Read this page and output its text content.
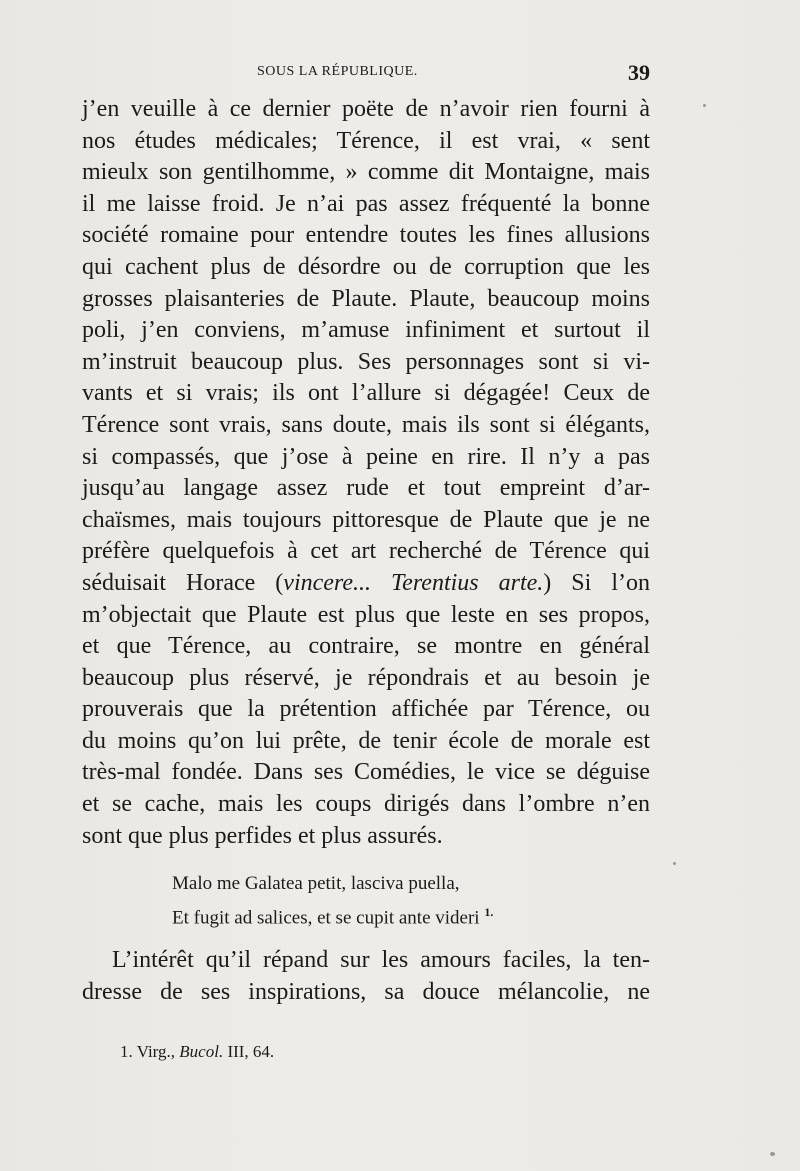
SOUS LA RÉPUBLIQUE.	39
j’en veuille à ce dernier poëte de n’avoir rien fourni à
nos études médicales; Térence, il est vrai, « sent
mieulx son gentilhomme, » comme dit Montaigne, mais
il me laisse froid. Je n’ai pas assez fréquenté la bonne
société romaine pour entendre toutes les fines allusions
qui cachent plus de désordre ou de corruption que les
grosses plaisanteries de Plaute. Plaute, beaucoup moins
poli, j’en conviens, m’amuse infiniment et surtout il
m’instruit beaucoup plus. Ses personnages sont si vi-
vants et si vrais; ils ont l’allure si dégagée! Ceux de
Térence sont vrais, sans doute, mais ils sont si élégants,
si compassés, que j’ose à peine en rire. Il n’y a pas
jusqu’au langage assez rude et tout empreint d’ar-
chaïsmes, mais toujours pittoresque de Plaute que je ne
préfère quelquefois à cet art recherché de Térence qui
séduisait Horace (vincere... Terentius arte.) Si l’on
m’objectait que Plaute est plus que leste en ses propos,
et que Térence, au contraire, se montre en général
beaucoup plus réservé, je répondrais et au besoin je
prouverais que la prétention affichée par Térence, ou
du moins qu’on lui prête, de tenir école de morale est
très-mal fondée. Dans ses Comédies, le vice se déguise
et se cache, mais les coups dirigés dans l’ombre n’en
sont que plus perfides et plus assurés.
Malo me Galatea petit, lasciva puella,
Et fugit ad salices, et se cupit ante videri $^{1.}$
L’intérêt qu’il répand sur les amours faciles, la ten-
dresse de ses inspirations, sa douce mélancolie, ne
1. Virg., Bucol. III, 64.
